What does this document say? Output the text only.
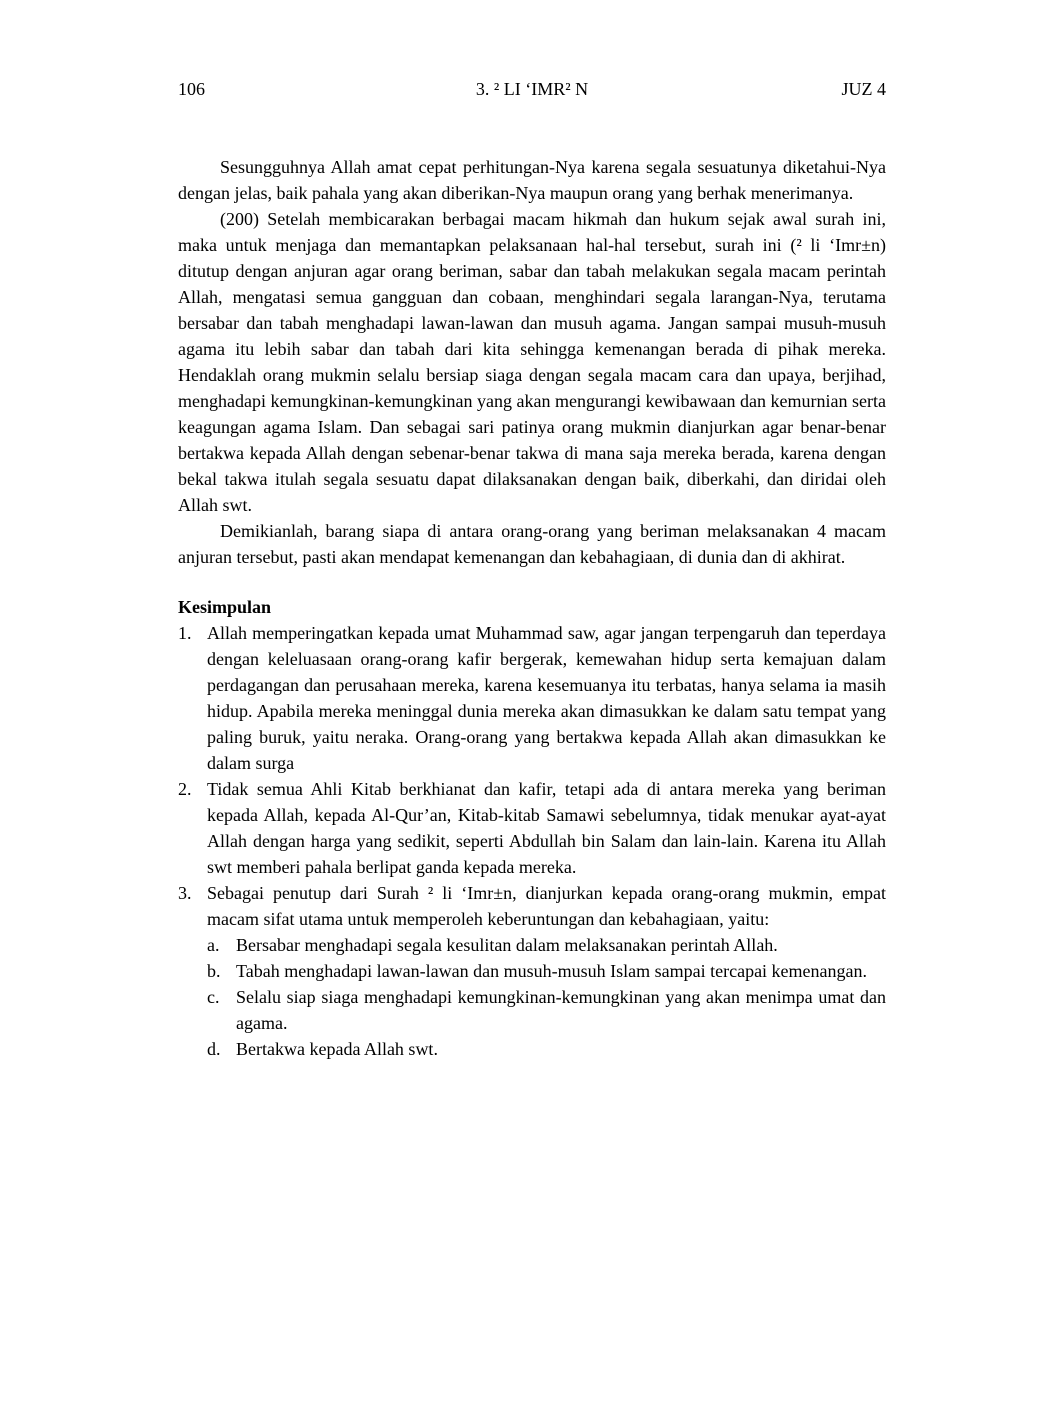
106	3. ² LI ‘IMR² N	JUZ 4

Sesungguhnya Allah amat cepat perhitungan-Nya karena segala sesuatunya diketahui-Nya dengan jelas, baik pahala yang akan diberikan-Nya maupun orang yang berhak menerimanya.

(200) Setelah membicarakan berbagai macam hikmah dan hukum sejak awal surah ini, maka untuk menjaga dan memantapkan pelaksanaan hal-hal tersebut, surah ini (² li ‘Imr±n) ditutup dengan anjuran agar orang beriman, sabar dan tabah melakukan segala macam perintah Allah, mengatasi semua gangguan dan cobaan, menghindari segala larangan-Nya, terutama bersabar dan tabah menghadapi lawan-lawan dan musuh agama. Jangan sampai musuh-musuh agama itu lebih sabar dan tabah dari kita sehingga kemenangan berada di pihak mereka. Hendaklah orang mukmin selalu bersiap siaga dengan segala macam cara dan upaya, berjihad, menghadapi kemungkinan-kemungkinan yang akan mengurangi kewibawaan dan kemurnian serta keagungan agama Islam. Dan sebagai sari patinya orang mukmin dianjurkan agar benar-benar bertakwa kepada Allah dengan sebenar-benar takwa di mana saja mereka berada, karena dengan bekal takwa itulah segala sesuatu dapat dilaksanakan dengan baik, diberkahi, dan diridai oleh Allah swt.

Demikianlah, barang siapa di antara orang-orang yang beriman melaksanakan 4 macam anjuran tersebut, pasti akan mendapat kemenangan dan kebahagiaan, di dunia dan di akhirat.

Kesimpulan

1. Allah memperingatkan kepada umat Muhammad saw, agar jangan terpengaruh dan teperdaya dengan keleluasaan orang-orang kafir bergerak, kemewahan hidup serta kemajuan dalam perdagangan dan perusahaan mereka, karena kesemuanya itu terbatas, hanya selama ia masih hidup. Apabila mereka meninggal dunia mereka akan dimasukkan ke dalam satu tempat yang paling buruk, yaitu neraka. Orang-orang yang bertakwa kepada Allah akan dimasukkan ke dalam surga
2. Tidak semua Ahli Kitab berkhianat dan kafir, tetapi ada di antara mereka yang beriman kepada Allah, kepada Al-Qur’an, Kitab-kitab Samawi sebelumnya, tidak menukar ayat-ayat Allah dengan harga yang sedikit, seperti Abdullah bin Salam dan lain-lain. Karena itu Allah swt memberi pahala berlipat ganda kepada mereka.
3. Sebagai penutup dari Surah ² li ‘Imr±n, dianjurkan kepada orang-orang mukmin, empat macam sifat utama untuk memperoleh keberuntungan dan kebahagiaan, yaitu:
a. Bersabar menghadapi segala kesulitan dalam melaksanakan perintah Allah.
b. Tabah menghadapi lawan-lawan dan musuh-musuh Islam sampai tercapai kemenangan.
c. Selalu siap siaga menghadapi kemungkinan-kemungkinan yang akan menimpa umat dan agama.
d. Bertakwa kepada Allah swt.
